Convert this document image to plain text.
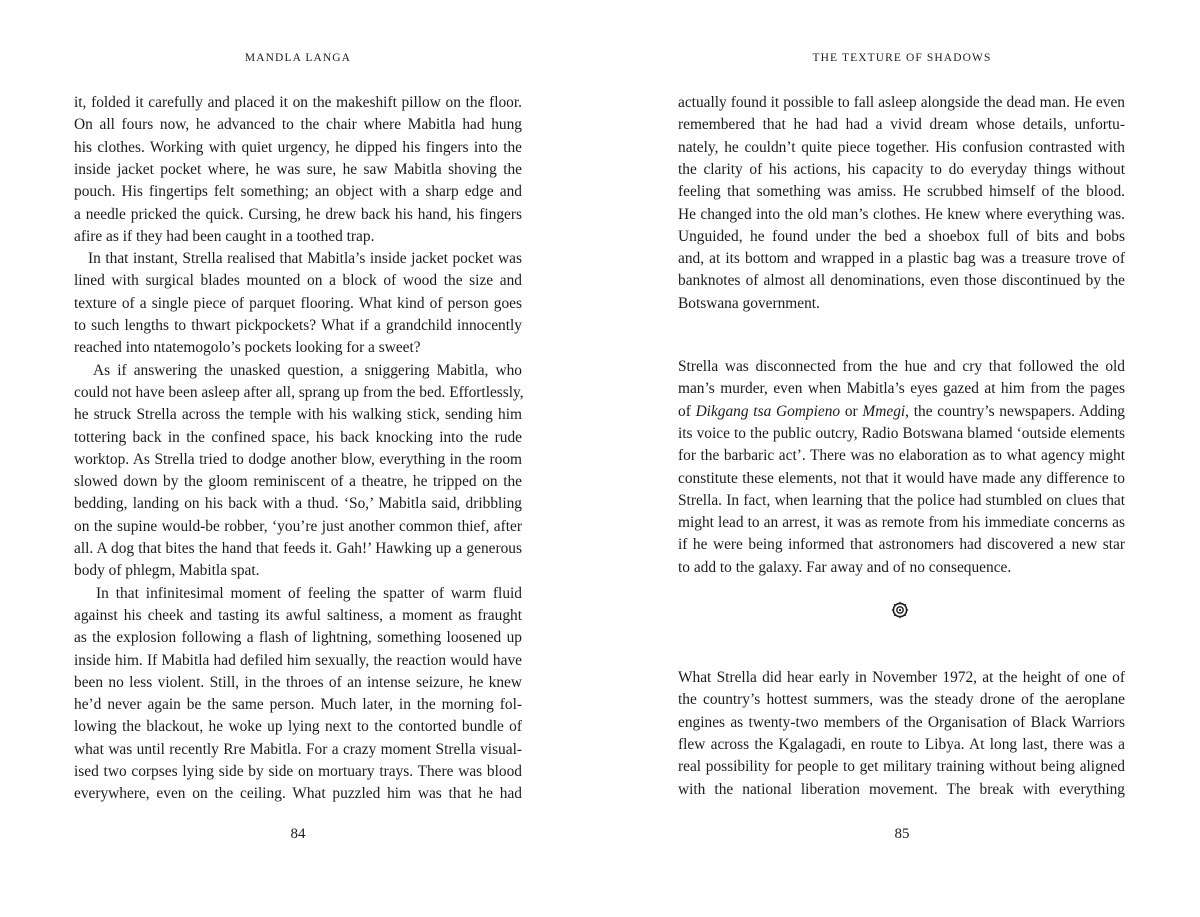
MANDLA LANGA
it, folded it carefully and placed it on the makeshift pillow on the floor.
On all fours now, he advanced to the chair where Mabitla had hung
his clothes. Working with quiet urgency, he dipped his fingers into the
inside jacket pocket where, he was sure, he saw Mabitla shoving the
pouch. His fingertips felt something; an object with a sharp edge and
a needle pricked the quick. Cursing, he drew back his hand, his fingers
afire as if they had been caught in a toothed trap.
In that instant, Strella realised that Mabitla’s inside jacket pocket was
lined with surgical blades mounted on a block of wood the size and
texture of a single piece of parquet flooring. What kind of person goes
to such lengths to thwart pickpockets? What if a grandchild innocently
reached into ntatemogolo’s pockets looking for a sweet?
As if answering the unasked question, a sniggering Mabitla, who
could not have been asleep after all, sprang up from the bed. Effortlessly,
he struck Strella across the temple with his walking stick, sending him
tottering back in the confined space, his back knocking into the rude
worktop. As Strella tried to dodge another blow, everything in the room
slowed down by the gloom reminiscent of a theatre, he tripped on the
bedding, landing on his back with a thud. ‘So,’ Mabitla said, dribbling
on the supine would-be robber, ‘you’re just another common thief, after
all. A dog that bites the hand that feeds it. Gah!’ Hawking up a generous
body of phlegm, Mabitla spat.
In that infinitesimal moment of feeling the spatter of warm fluid
against his cheek and tasting its awful saltiness, a moment as fraught
as the explosion following a flash of lightning, something loosened up
inside him. If Mabitla had defiled him sexually, the reaction would have
been no less violent. Still, in the throes of an intense seizure, he knew
he’d never again be the same person. Much later, in the morning fol-
lowing the blackout, he woke up lying next to the contorted bundle of
what was until recently Rre Mabitla. For a crazy moment Strella visual-
ised two corpses lying side by side on mortuary trays. There was blood
everywhere, even on the ceiling. What puzzled him was that he had
84
THE TEXTURE OF SHADOWS
Strella was disconnected from the hue and cry that followed the old
man’s murder, even when Mabitla’s eyes gazed at him from the pages
of Dikgang tsa Gompieno or Mmegi, the country’s newspapers. Adding
actually found it possible to fall asleep alongside the dead man. He even
remembered that he had had a vivid dream whose details, unfortu-
nately, he couldn’t quite piece together. His confusion contrasted with
the clarity of his actions, his capacity to do everyday things without
feeling that something was amiss. He scrubbed himself of the blood.
He changed into the old man’s clothes. He knew where everything was.
Unguided, he found under the bed a shoebox full of bits and bobs
and, at its bottom and wrapped in a plastic bag was a treasure trove of
banknotes of almost all denominations, even those discontinued by the
Botswana government.
its voice to the public outcry, Radio Botswana blamed ‘outside elements
for the barbaric act’. There was no elaboration as to what agency might
constitute these elements, not that it would have made any difference to
Strella. In fact, when learning that the police had stumbled on clues that
might lead to an arrest, it was as remote from his immediate concerns as
if he were being informed that astronomers had discovered a new star
to add to the galaxy. Far away and of no consequence.
What Strella did hear early in November 1972, at the height of one of
the country’s hottest summers, was the steady drone of the aeroplane
engines as twenty-two members of the Organisation of Black Warriors
flew across the Kgalagadi, en route to Libya. At long last, there was a
real possibility for people to get military training without being aligned
with the national liberation movement. The break with everything
85
